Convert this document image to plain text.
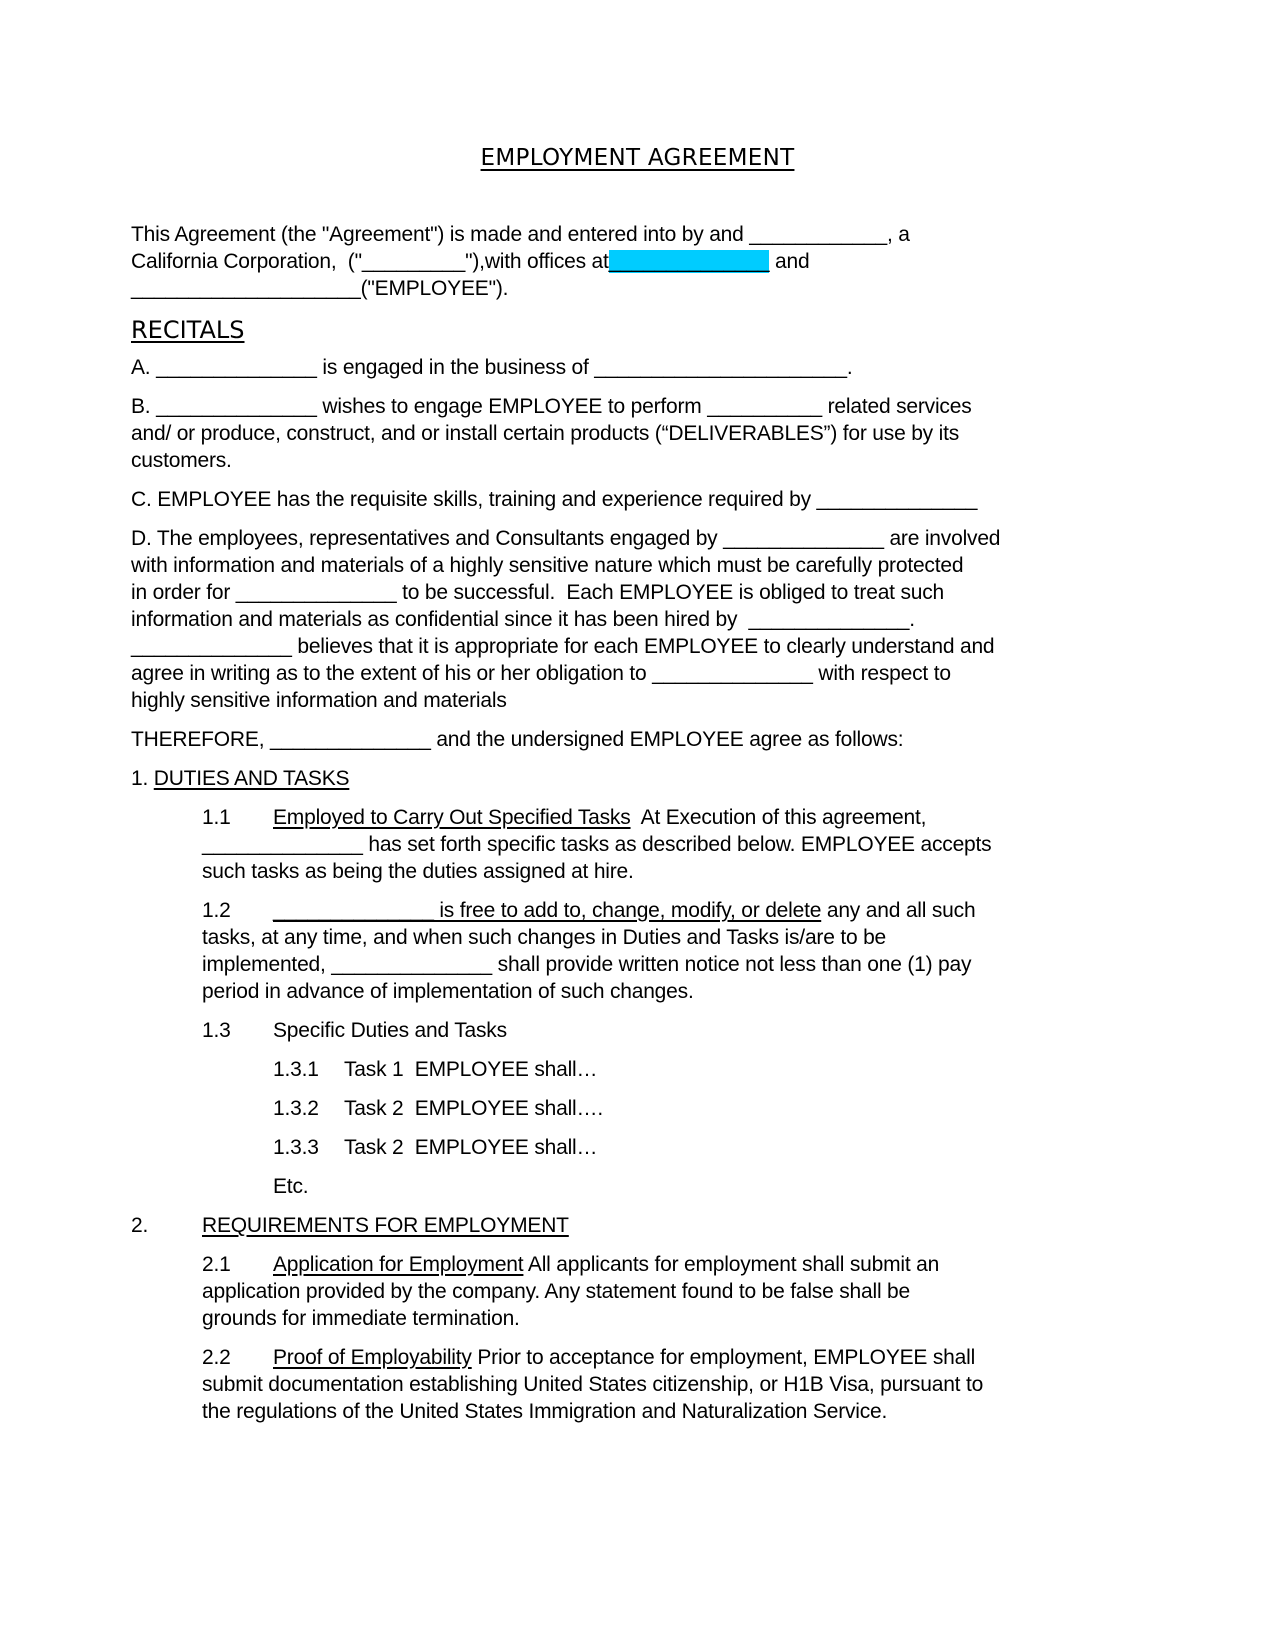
EMPLOYMENT AGREEMENT
This Agreement (the "Agreement") is made and entered into by and ____________, a
California Corporation,  ("_________"),with offices at______________ and
____________________("EMPLOYEE").
RECITALS
A. ______________ is engaged in the business of ______________________.
B. ______________ wishes to engage EMPLOYEE to perform __________ related services
and/ or produce, construct, and or install certain products (“DELIVERABLES”) for use by its
customers.
C. EMPLOYEE has the requisite skills, training and experience required by ______________
D. The employees, representatives and Consultants engaged by ______________ are involved
with information and materials of a highly sensitive nature which must be carefully protected
in order for ______________ to be successful.  Each EMPLOYEE is obliged to treat such
information and materials as confidential since it has been hired by  ______________.
______________ believes that it is appropriate for each EMPLOYEE to clearly understand and
agree in writing as to the extent of his or her obligation to ______________ with respect to
highly sensitive information and materials
THEREFORE, ______________ and the undersigned EMPLOYEE agree as follows:
1. DUTIES AND TASKS
1.1 Employed to Carry Out Specified Tasks  At Execution of this agreement,
______________ has set forth specific tasks as described below. EMPLOYEE accepts
such tasks as being the duties assigned at hire.
1.2 ______________ is free to add to, change, modify, or delete any and all such
tasks, at any time, and when such changes in Duties and Tasks is/are to be
implemented, ______________ shall provide written notice not less than one (1) pay
period in advance of implementation of such changes.
1.3 Specific Duties and Tasks
1.3.1 Task 1  EMPLOYEE shall…
1.3.2 Task 2  EMPLOYEE shall….
1.3.3 Task 2  EMPLOYEE shall…
Etc.
2.	REQUIREMENTS FOR EMPLOYMENT
2.1 Application for Employment All applicants for employment shall submit an
application provided by the company. Any statement found to be false shall be
grounds for immediate termination.
2.2 Proof of Employability Prior to acceptance for employment, EMPLOYEE shall
submit documentation establishing United States citizenship, or H1B Visa, pursuant to
the regulations of the United States Immigration and Naturalization Service.
